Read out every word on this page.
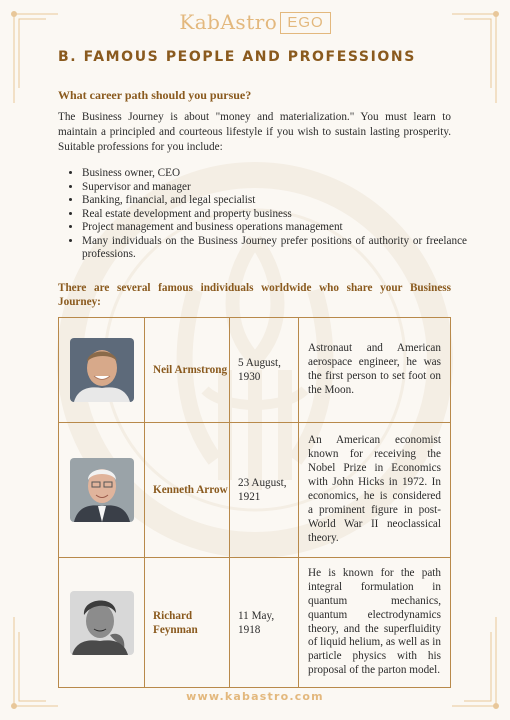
KabAstro EGO
B. FAMOUS PEOPLE AND PROFESSIONS
What career path should you pursue?

The Business Journey is about "money and materialization." You must learn to maintain a principled and courteous lifestyle if you wish to sustain lasting prosperity. Suitable professions for you include:

• Business owner, CEO
• Supervisor and manager
• Banking, financial, and legal specialist
• Real estate development and property business
• Project management and business operations management
• Many individuals on the Business Journey prefer positions of authority or freelance professions.
There are several famous individuals worldwide who share your Business Journey:
	Neil Armstrong	5 August, 1930	Astronaut and American aerospace engineer, he was the first person to set foot on the Moon.
	Kenneth Arrow	23 August, 1921	An American economist known for receiving the Nobel Prize in Economics with John Hicks in 1972. In economics, he is considered a prominent figure in post-World War II neoclassical theory.
	Richard Feynman	11 May, 1918	He is known for the path integral formulation in quantum mechanics, quantum electrodynamics theory, and the superfluidity of liquid helium, as well as in particle physics with his proposal of the parton model.
www.kabastro.com
